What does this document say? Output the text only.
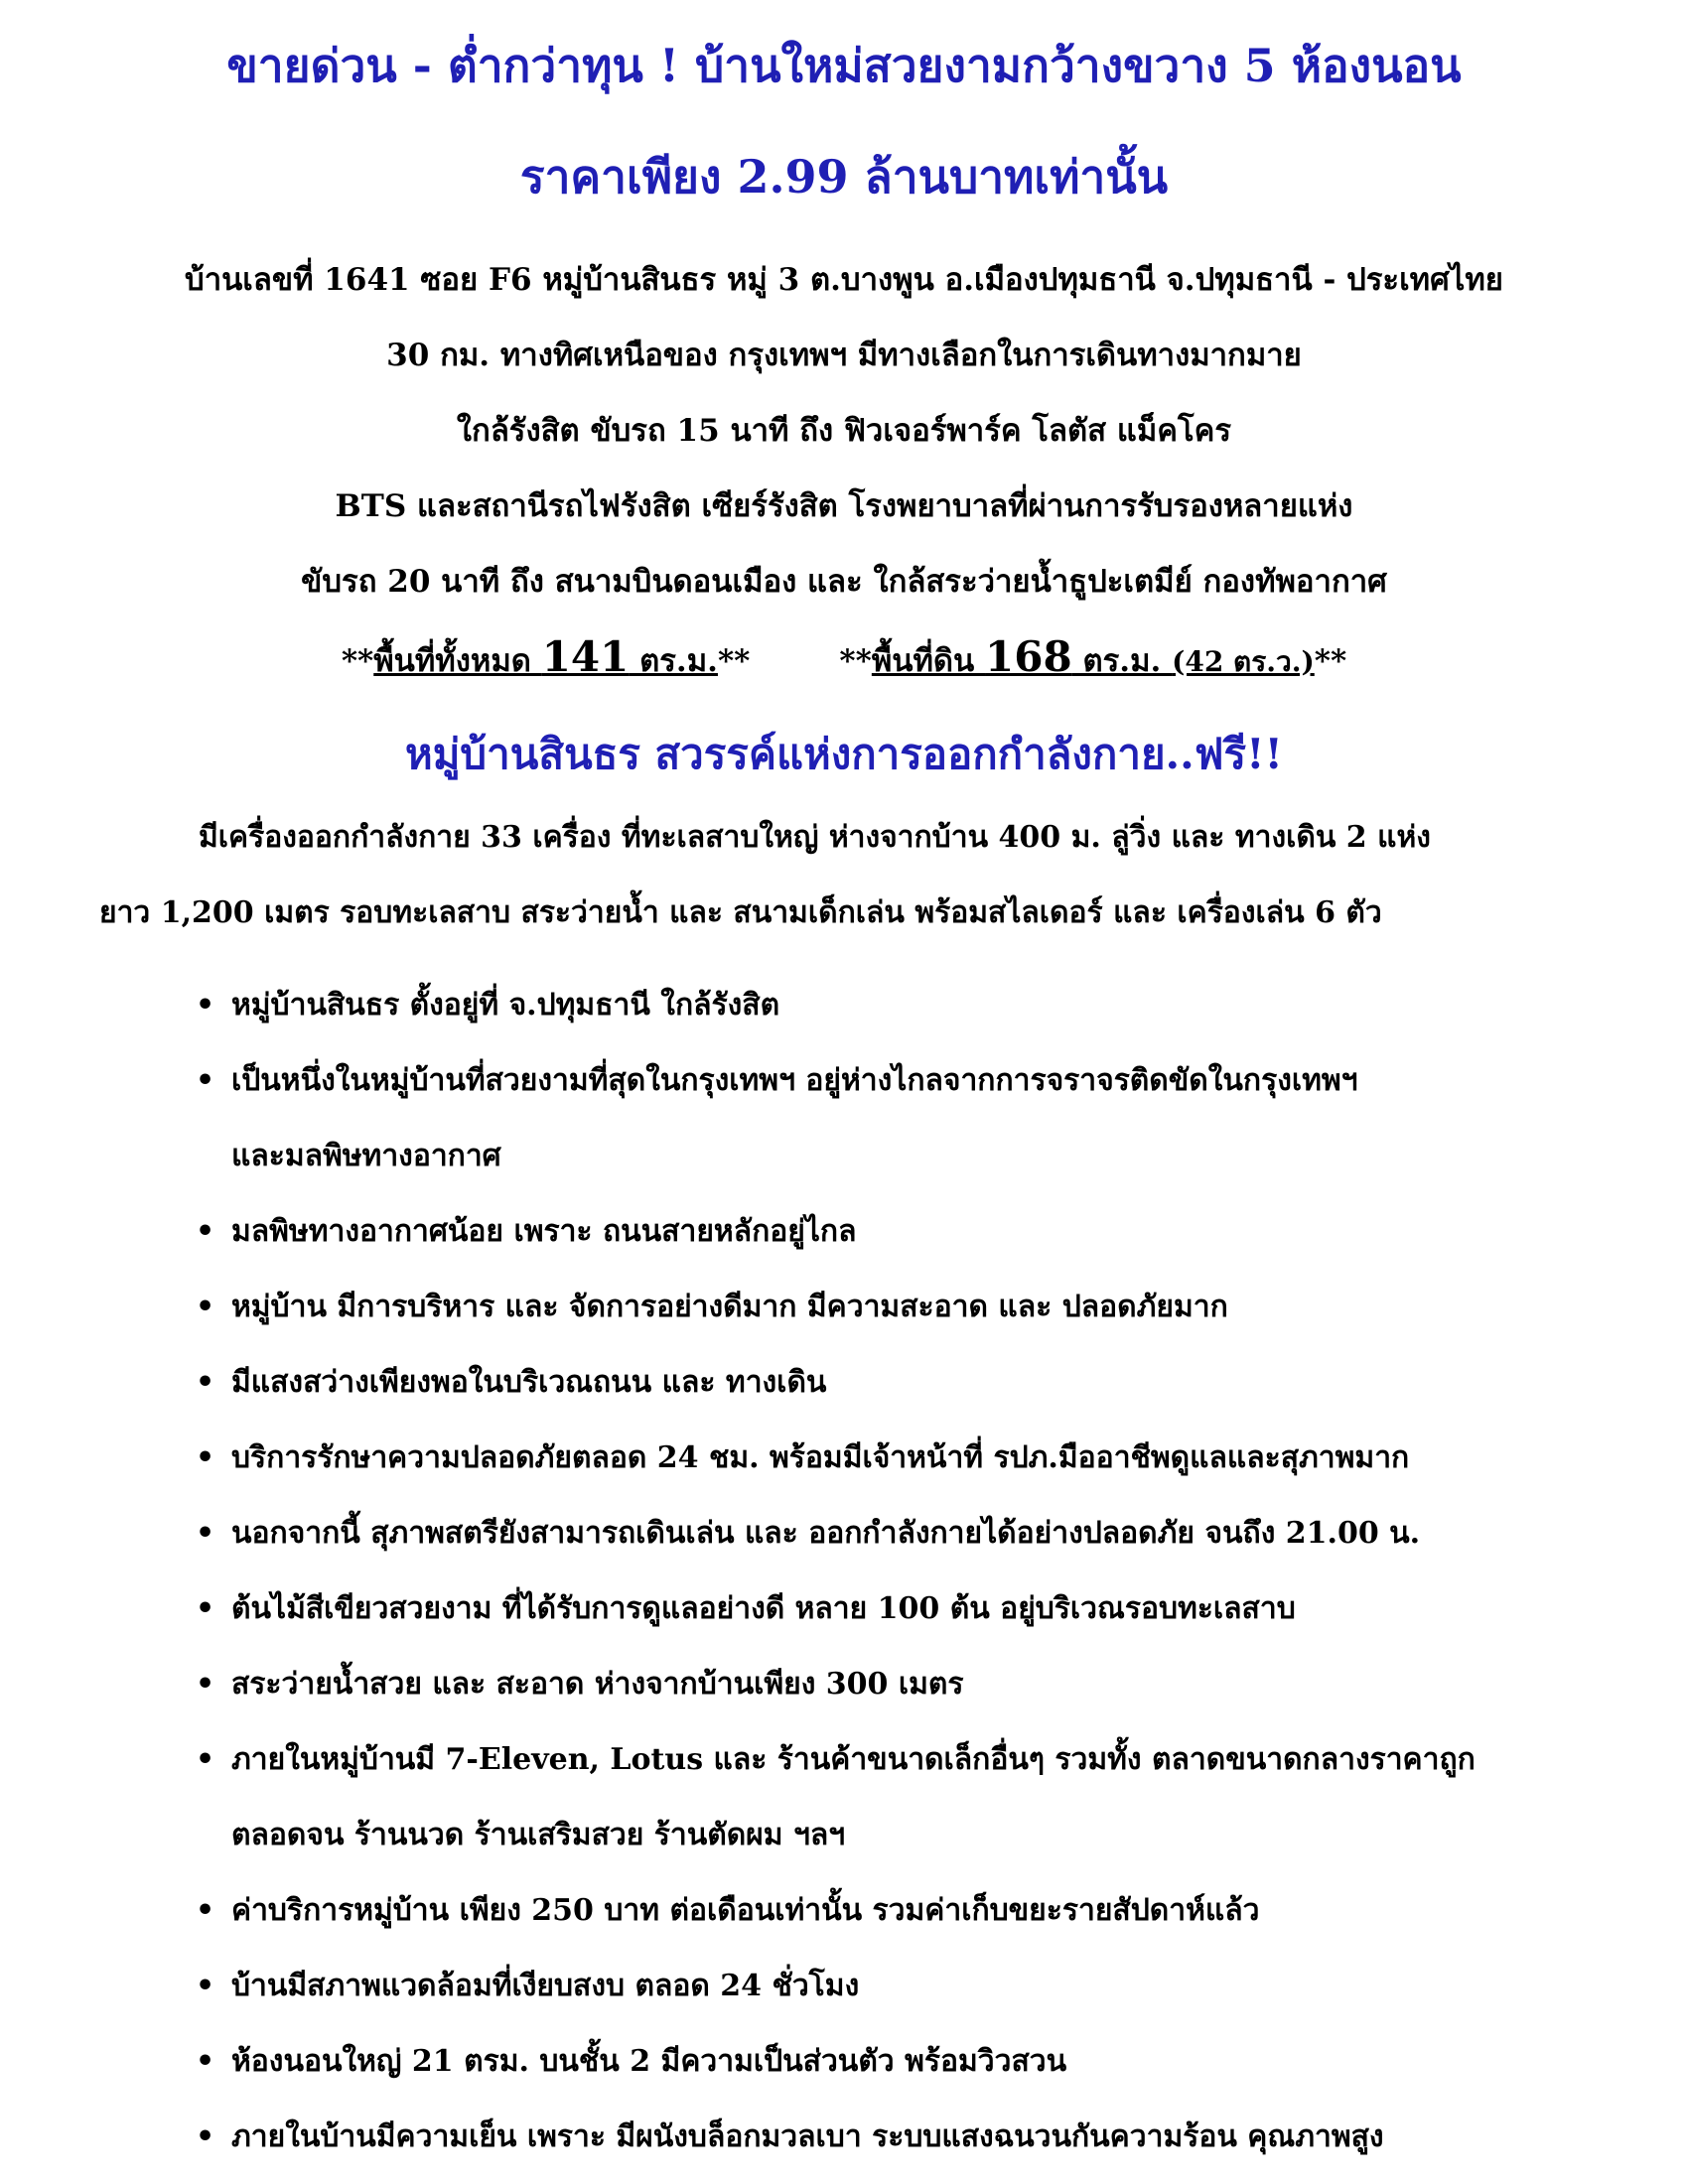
ขายด่วน - ต่ำกว่าทุน ! บ้านใหม่สวยงามกว้างขวาง 5 ห้องนอน
ราคาเพียง 2.99 ล้านบาทเท่านั้น
บ้านเลขที่ 1641 ซอย F6 หมู่บ้านสินธร หมู่ 3 ต.บางพูน อ.เมืองปทุมธานี จ.ปทุมธานี - ประเทศไทย
30 กม. ทางทิศเหนือของ กรุงเทพฯ มีทางเลือกในการเดินทางมากมาย
ใกล้รังสิต ขับรถ 15 นาที ถึง ฟิวเจอร์พาร์ค โลตัส แม็คโคร
BTS และสถานีรถไฟรังสิต เซียร์รังสิต โรงพยาบาลที่ผ่านการรับรองหลายแห่ง
ขับรถ 20 นาที ถึง สนามบินดอนเมือง และ ใกล้สระว่ายน้ำธูปะเตมีย์ กองทัพอากาศ
**พื้นที่ทั้งหมด 141 ตร.ม.**	**พื้นที่ดิน 168 ตร.ม. (42 ตร.ว.)**
หมู่บ้านสินธร สวรรค์แห่งการออกกำลังกาย..ฟรี!!
มีเครื่องออกกำลังกาย 33 เครื่อง ที่ทะเลสาบใหญ่ ห่างจากบ้าน 400 ม. ลู่วิ่ง และ ทางเดิน 2 แห่ง
ยาว 1,200 เมตร รอบทะเลสาบ สระว่ายน้ำ และ สนามเด็กเล่น พร้อมสไลเดอร์ และ เครื่องเล่น 6 ตัว
• หมู่บ้านสินธร ตั้งอยู่ที่ จ.ปทุมธานี ใกล้รังสิต
• เป็นหนึ่งในหมู่บ้านที่สวยงามที่สุดในกรุงเทพฯ อยู่ห่างไกลจากการจราจรติดขัดในกรุงเทพฯ
และมลพิษทางอากาศ
• มลพิษทางอากาศน้อย เพราะ ถนนสายหลักอยู่ไกล
• หมู่บ้าน มีการบริหาร และ จัดการอย่างดีมาก มีความสะอาด และ ปลอดภัยมาก
• มีแสงสว่างเพียงพอในบริเวณถนน และ ทางเดิน
• บริการรักษาความปลอดภัยตลอด 24 ชม. พร้อมมีเจ้าหน้าที่ รปภ.มืออาชีพดูแลและสุภาพมาก
• นอกจากนี้ สุภาพสตรียังสามารถเดินเล่น และ ออกกำลังกายได้อย่างปลอดภัย จนถึง 21.00 น.
• ต้นไม้สีเขียวสวยงาม ที่ได้รับการดูแลอย่างดี หลาย 100 ต้น อยู่บริเวณรอบทะเลสาบ
• สระว่ายน้ำสวย และ สะอาด ห่างจากบ้านเพียง 300 เมตร
• ภายในหมู่บ้านมี 7-Eleven, Lotus และ ร้านค้าขนาดเล็กอื่นๆ รวมทั้ง ตลาดขนาดกลางราคาถูก
ตลอดจน ร้านนวด ร้านเสริมสวย ร้านตัดผม ฯลฯ
• ค่าบริการหมู่บ้าน เพียง 250 บาท ต่อเดือนเท่านั้น รวมค่าเก็บขยะรายสัปดาห์แล้ว
• บ้านมีสภาพแวดล้อมที่เงียบสงบ ตลอด 24 ชั่วโมง
• ห้องนอนใหญ่ 21 ตรม. บนชั้น 2 มีความเป็นส่วนตัว พร้อมวิวสวน
• ภายในบ้านมีความเย็น เพราะ มีผนังบล็อกมวลเบา ระบบแสงฉนวนกันความร้อน คุณภาพสูง
